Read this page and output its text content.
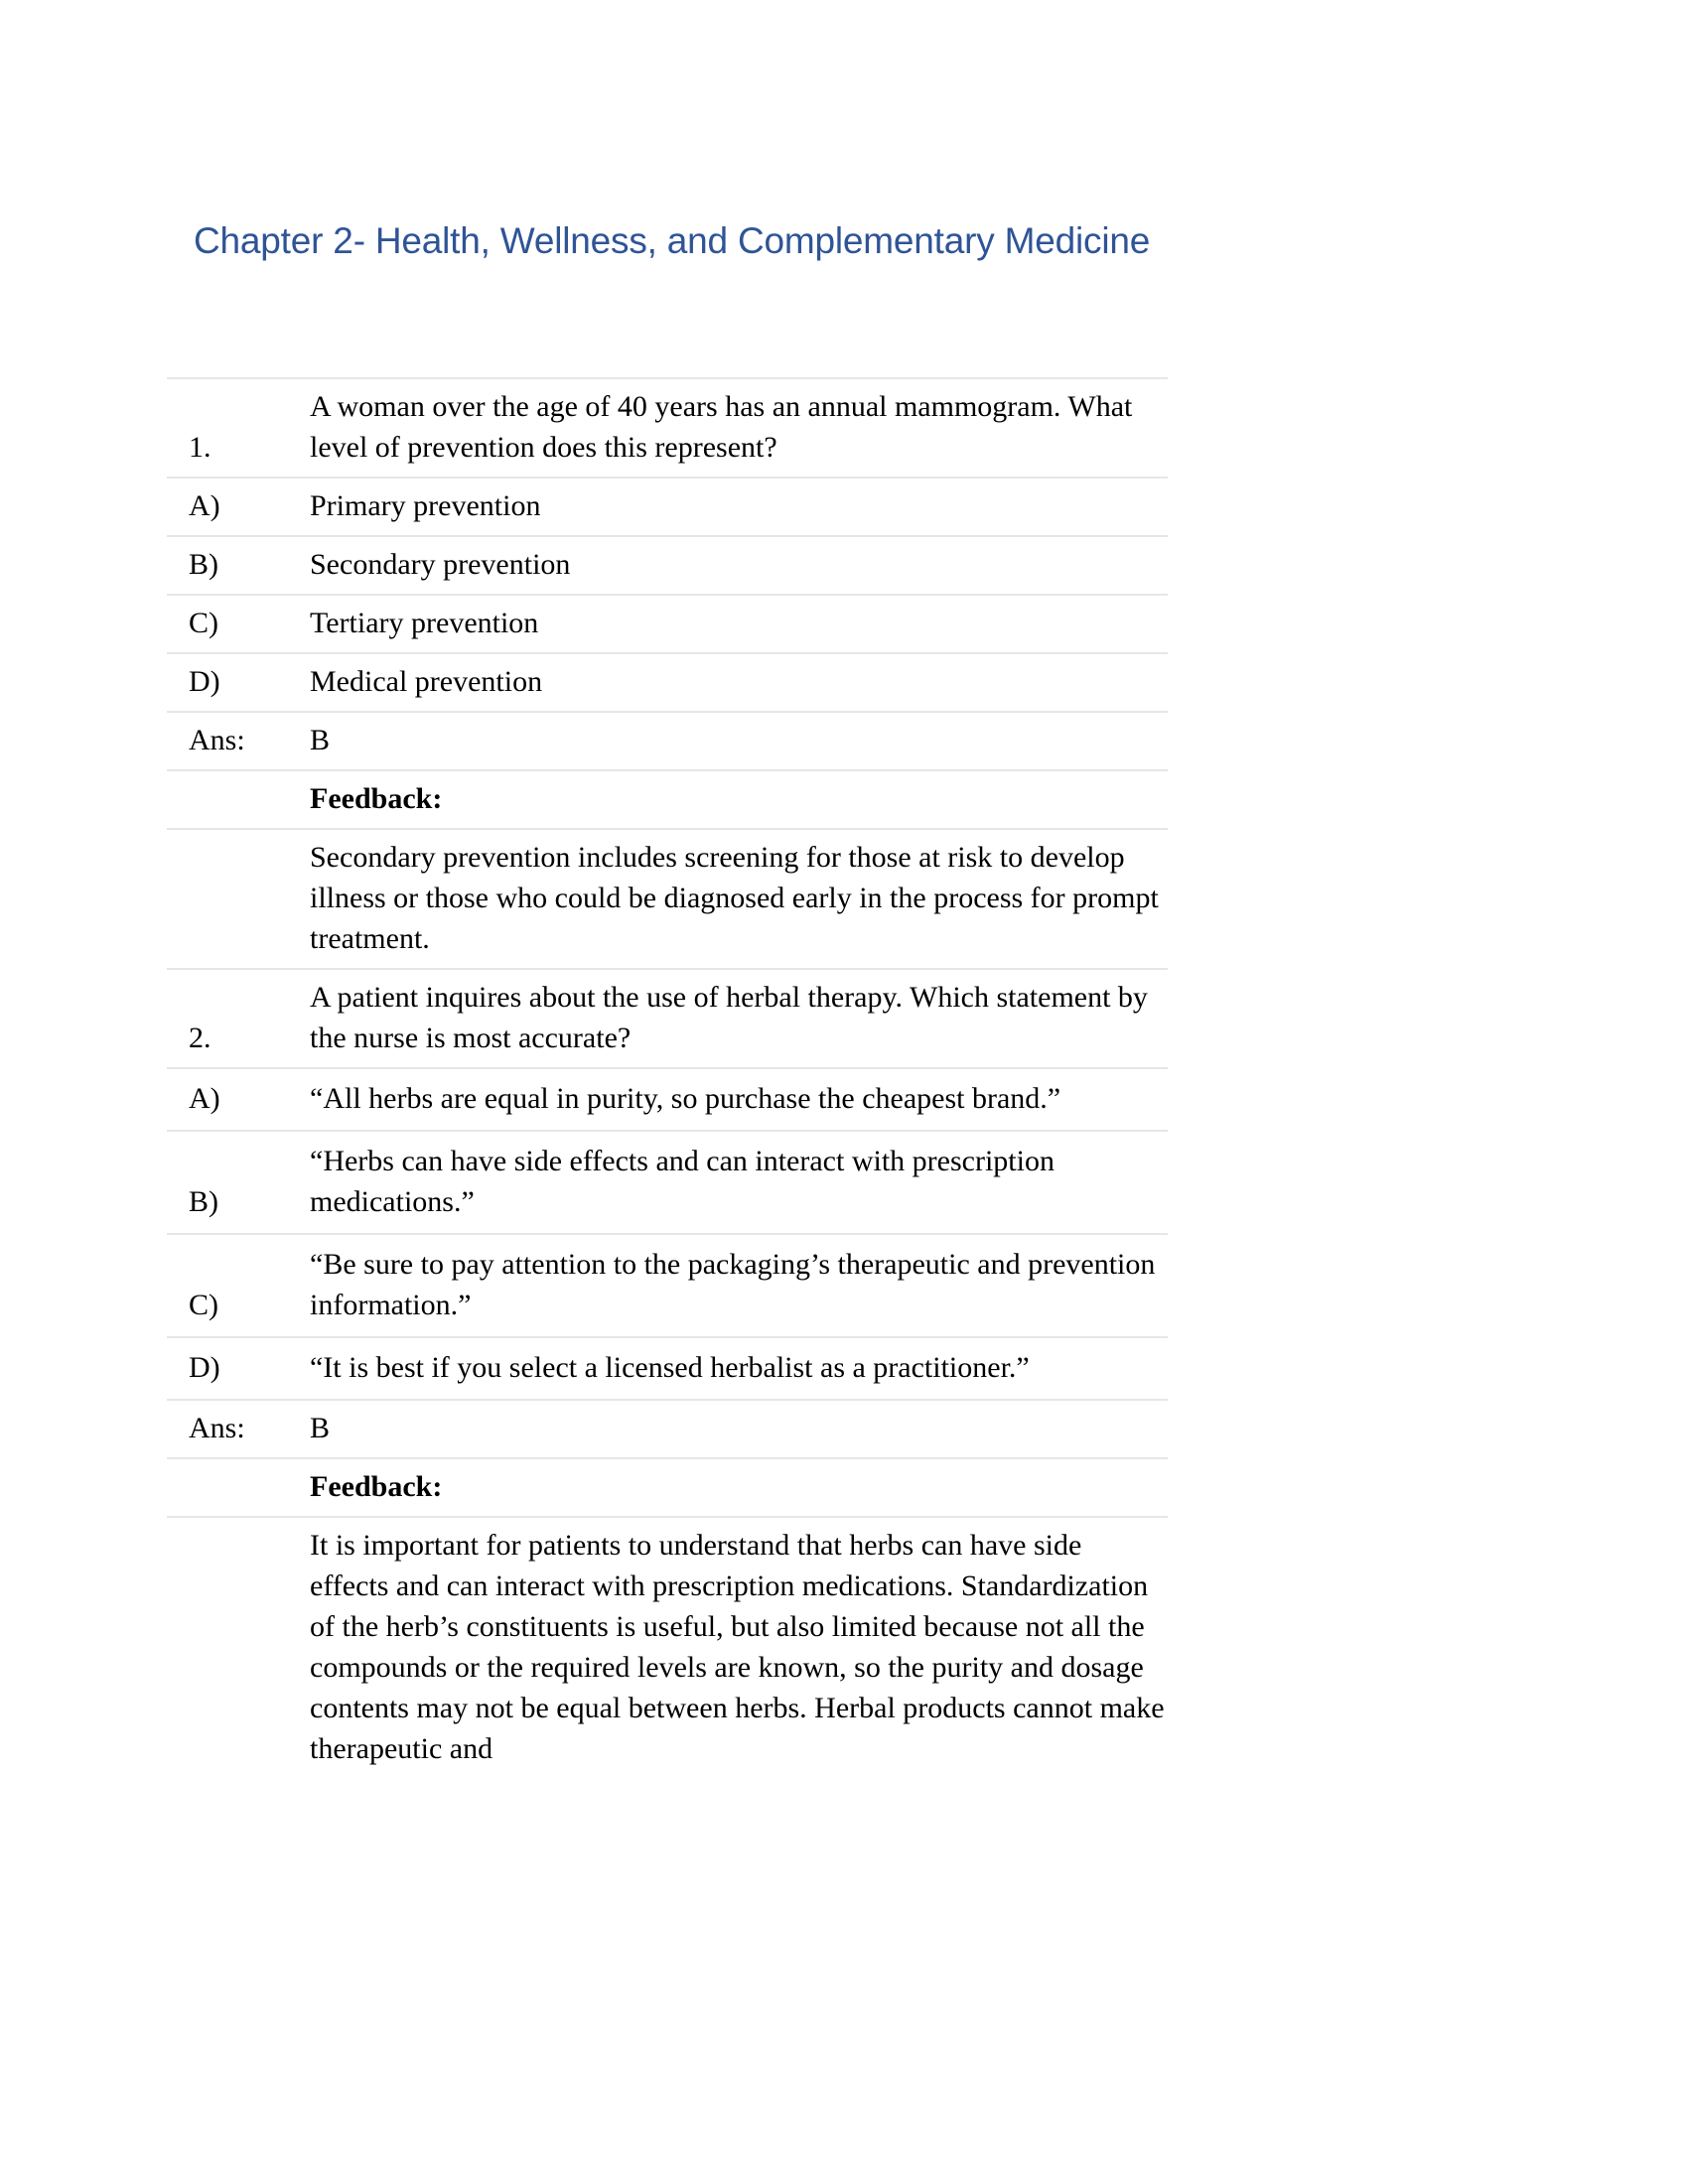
Chapter 2- Health, Wellness, and Complementary Medicine
1.	A woman over the age of 40 years has an annual mammogram. What level of prevention does this represent?
A)	Primary prevention
B)	Secondary prevention
C)	Tertiary prevention
D)	Medical prevention
Ans:	B
	Feedback:
	Secondary prevention includes screening for those at risk to develop illness or those who could be diagnosed early in the process for prompt treatment.
2.	A patient inquires about the use of herbal therapy. Which statement by the nurse is most accurate?
A)	“All herbs are equal in purity, so purchase the cheapest brand.”
B)	“Herbs can have side effects and can interact with prescription medications.”
C)	“Be sure to pay attention to the packaging’s therapeutic and prevention information.”
D)	“It is best if you select a licensed herbalist as a practitioner.”
Ans:	B
	Feedback:
	It is important for patients to understand that herbs can have side effects and can interact with prescription medications. Standardization of the herb’s constituents is useful, but also limited because not all the compounds or the required levels are known, so the purity and dosage contents may not be equal between herbs. Herbal products cannot make therapeutic and
